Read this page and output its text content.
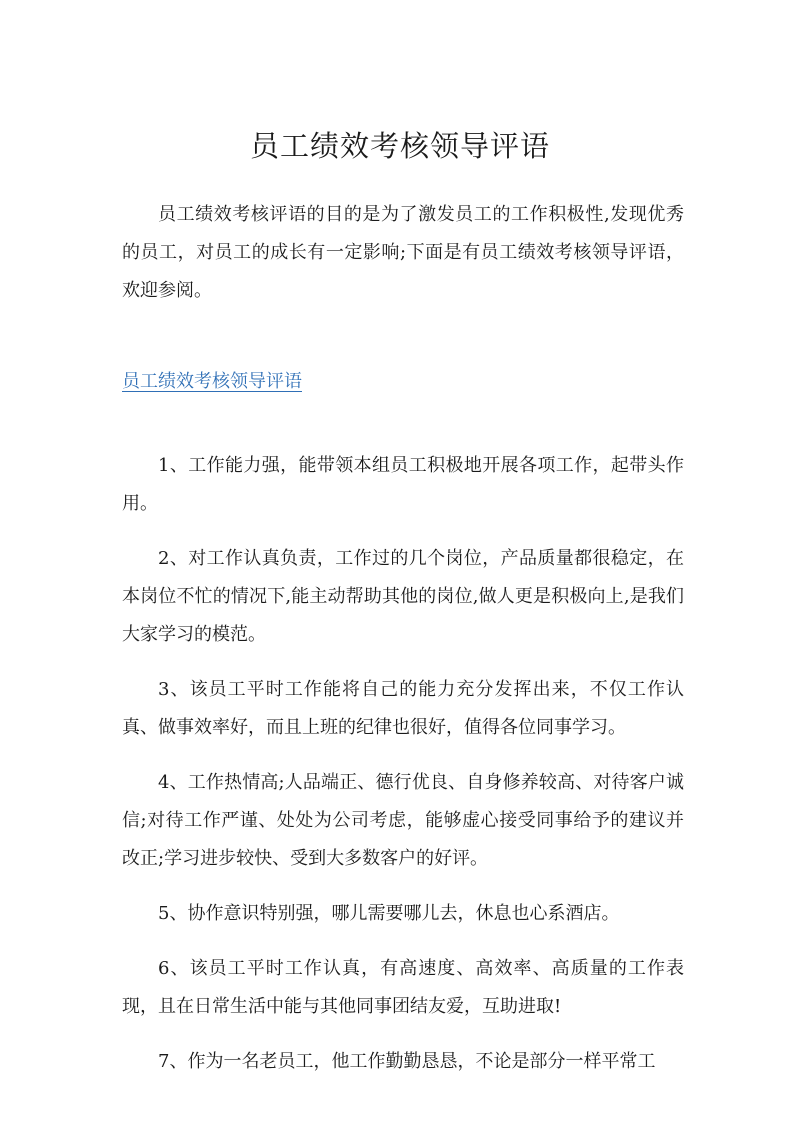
员工绩效考核领导评语

员工绩效考核评语的目的是为了激发员工的工作积极性,发现优秀的员工，对员工的成长有一定影响;下面是有员工绩效考核领导评语，欢迎参阅。

员工绩效考核领导评语
1、工作能力强，能带领本组员工积极地开展各项工作，起带头作用。
2、对工作认真负责，工作过的几个岗位，产品质量都很稳定，在本岗位不忙的情况下,能主动帮助其他的岗位,做人更是积极向上,是我们大家学习的模范。
3、该员工平时工作能将自己的能力充分发挥出来，不仅工作认真、做事效率好，而且上班的纪律也很好，值得各位同事学习。
4、工作热情高;人品端正、德行优良、自身修养较高、对待客户诚信;对待工作严谨、处处为公司考虑，能够虚心接受同事给予的建议并改正;学习进步较快、受到大多数客户的好评。
5、协作意识特别强，哪儿需要哪儿去，休息也心系酒店。
6、该员工平时工作认真，有高速度、高效率、高质量的工作表现，且在日常生活中能与其他同事团结友爱，互助进取!
7、作为一名老员工，他工作勤勤恳恳，不论是部分一样平常工
